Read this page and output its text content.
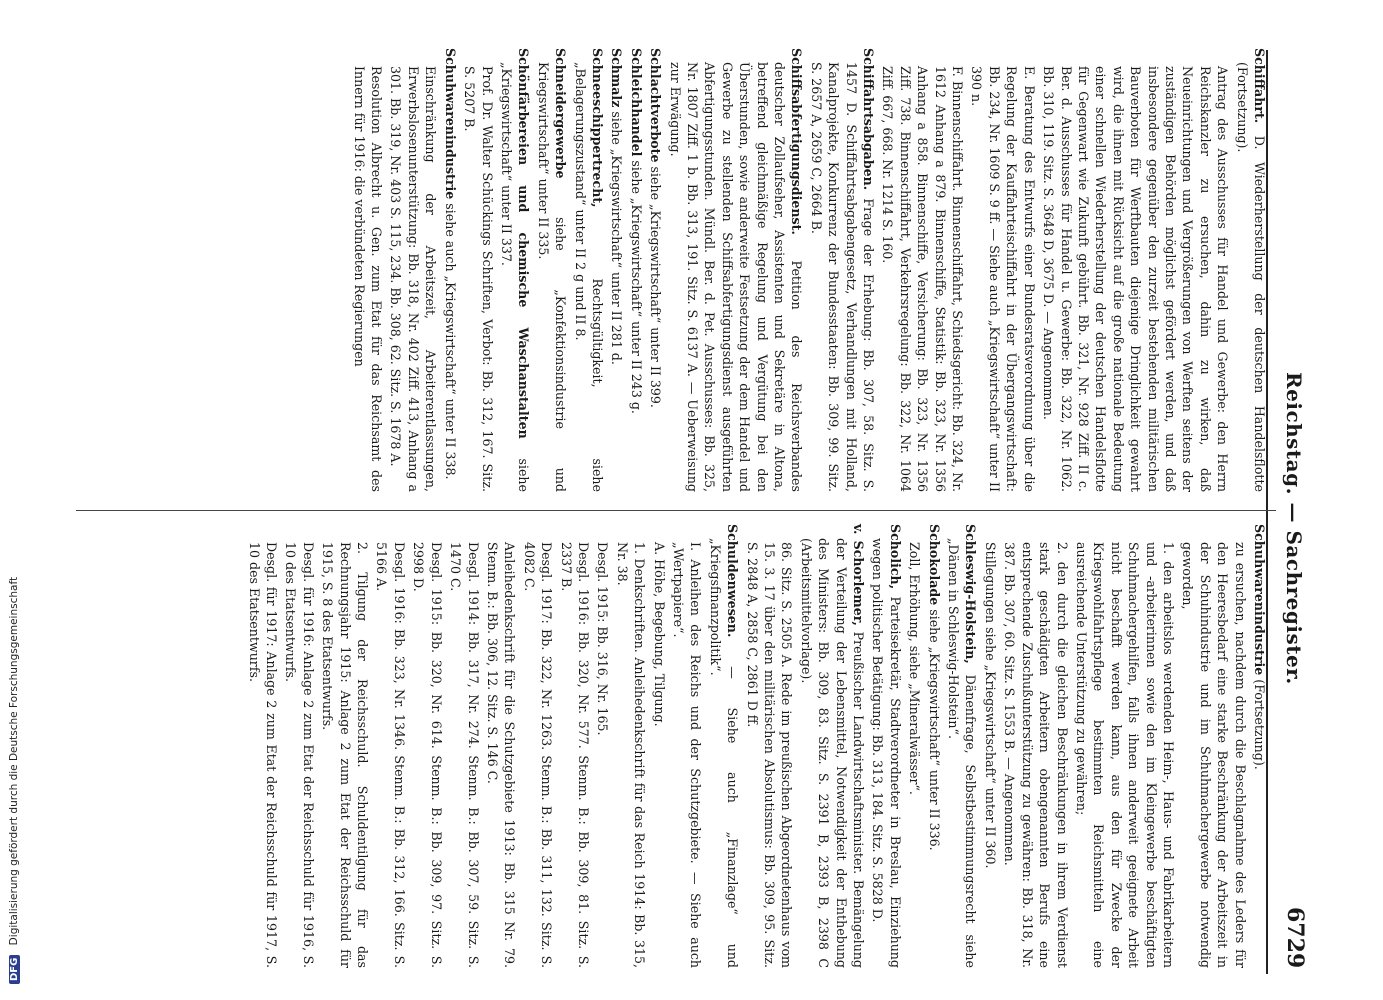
Reichstag. — Sachregister.
6729

Schiffahrt. D. Wiederherstellung der deutschen Handelsflotte (Fortsetzung).

Antrag des Ausschusses für Handel und Gewerbe: den Herrn Reichskanzler zu ersuchen, dahin zu wirken, daß Neueinrichtungen und Vergrößerungen von Werften seitens der zuständigen Behörden möglichst gefördert werden, und daß insbesondere gegenüber den zurzeit bestehenden militärischen Bauverboten für Werftbauten diejenige Dringlichkeit gewahrt wird, die ihnen mit Rücksicht auf die große nationale Bedeutung einer schnellen Wiederherstellung der deutschen Handelsflotte für Gegenwart wie Zukunft gebührt. Bb. 321, Nr. 928 Ziff. II c. Ber. d. Ausschusses für Handel u. Gewerbe: Bb. 322, Nr. 1062. Bb. 310, 119. Sitz. S. 3648 D, 3675 D. — Angenommen.

E. Beratung des Entwurfs einer Bundesratsverordnung über die Regelung der Kauffahrteischiffahrt in der Übergangswirtschaft: Bb. 234, Nr. 1609 S. 9 ff. — Siehe auch „Kriegswirtschaft“ unter II 390 n.

F. Binnenschiffahrt. Binnenschiffahrt, Schiedsgericht: Bb. 324, Nr. 1612 Anhang a 879. Binnenschiffe, Statistik: Bb. 323, Nr. 1356 Anhang a 858. Binnenschiffe, Versicherung: Bb. 323, Nr. 1356 Ziff. 738. Binnenschiffahrt, Verkehrsregelung: Bb. 322, Nr. 1064 Ziff. 667, 668. Nr. 1214 S. 160.

Schiffahrtsabgaben. Frage der Erhebung: Bb. 307, 58. Sitz. S. 1457 D. Schiffahrtsabgabengesetz, Verhandlungen mit Holland, Kanalprojekte, Konkurrenz der Bundesstaaten: Bb. 309, 99. Sitz. S. 2657 A, 2659 C, 2664 B.

Schiffsabfertigungsdienst. Petition des Reichsverbandes deutscher Zollaufseher, Assistenten und Sekretäre in Altona, betreffend gleichmäßige Regelung und Vergütung bei den Überstunden, sowie anderweite Festsetzung der dem Handel und Gewerbe zu stellenden Schiffsabfertigungsdienst ausgeführten Abfertigungsstunden. Mündl. Ber. d. Pet. Ausschusses: Bb. 325, Nr. 1807 Ziff. 1 b. Bb. 313, 191. Sitz. S. 6137 A. — Ueberweisung zur Erwägung.

Schlachtverbote siehe „Kriegswirtschaft“ unter II 399.

Schleichhandel siehe „Kriegswirtschaft“ unter II 243 g.

Schmalz siehe „Kriegswirtschaft“ unter II 281 d.

Schneeschippertrecht, Rechtsgültigkeit, siehe „Belagerungszustand“ unter II 2 g und II 8.

Schneidergewerbe siehe „Konfektionsindustrie und Kriegswirtschaft“ unter II 335.

Schönfärbereien und chemische Waschanstalten siehe „Kriegswirtschaft“ unter II 337.

Prof. Dr. Walter Schückings Schriften, Verbot: Bb. 312, 167. Sitz. S. 5207 B.

Schuhwarenindustrie siehe auch „Kriegswirtschaft“ unter II 338.

Einschränkung der Arbeitszeit, Arbeiterentlassungen, Erwerbslosenunterstützung: Bb. 318, Nr. 402 Ziff. 413, Anhang a 301. Bb. 319, Nr. 403 S. 115, 234. Bb. 308, 62. Sitz. S. 1678 A.

Resolution Albrecht u. Gen. zum Etat für das Reichsamt des Innern für 1916: die verbündeten Regierungen

Schuhwarenindustrie (Fortsetzung).

zu ersuchen, nachdem durch die Beschlagnahme des Leders für den Heeresbedarf eine starke Beschränkung der Arbeitszeit in der Schuhindustrie und im Schuhmachergewerbe notwendig geworden,

1. den arbeitslos werdenden Heim-, Haus- und Fabrikarbeitern und -arbeiterinnen sowie den im Kleingewerbe beschäftigten Schuhmachergehilfen, falls ihnen anderweit geeignete Arbeit nicht beschafft werden kann, aus den für Zwecke der Kriegswohlfahrtspflege bestimmten Reichsmitteln eine ausreichende Unterstützung zu gewähren;

2. den durch die gleichen Beschränkungen in ihrem Verdienst stark geschädigten Arbeitern obengenannten Berufs eine entsprechende Zuschußunterstützung zu gewähren: Bb. 318, Nr. 387. Bb. 307, 60. Sitz. S. 1553 B. — Angenommen.

Stillegungen siehe „Kriegswirtschaft“ unter II 360.

Schleswig-Holstein, Dänenfrage, Selbstbestimmungsrecht siehe „Dänen in Schleswig-Holstein“.

Schokolade siehe „Kriegswirtschaft“ unter II 336.

Zoll, Erhöhung, siehe „Mineralwässer“.

Scholich, Parteisekretär, Stadtverordneter in Breslau, Einziehung wegen politischer Betätigung: Bb. 313, 184. Sitz. S. 5828 D.

v. Schorlemer, Preußischer Landwirtschaftsminister. Bemängelung der Verteilung der Lebensmittel, Notwendigkeit der Enthebung des Ministers: Bb. 309, 83. Sitz. S. 2391 B, 2393 B, 2398 C (Arbeitsmittelvorlage).

86. Sitz. S. 2505 A. Rede im preußischen Abgeordnetenhaus vom 15. 3. 17 über den militärischen Absolutismus: Bb. 309, 95. Sitz. S. 2848 A, 2858 C, 2861 D ff.

Schuldenwesen. — Siehe auch „Finanzlage“ und „Kriegsfinanzpolitik“.

I. Anleihen des Reichs und der Schutzgebiete. — Siehe auch „Wertpapiere“.

A. Höhe, Begebung, Tilgung.

1. Denkschriften. Anleihedenkschrift für das Reich 1914: Bb. 315, Nr. 38.

Desgl. 1915: Bb. 316, Nr. 165.

Desgl. 1916: Bb. 320, Nr. 577. Stenm. B.: Bb. 309, 81. Sitz. S. 2337 B.

Desgl. 1917: Bb. 322, Nr. 1263. Stenm. B.: Bb. 311, 132. Sitz. S. 4082 C.

Anleihedenkschrift für die Schutzgebiete 1913: Bb. 315 Nr. 79. Stenm. B.: Bb. 306, 12. Sitz. S. 146 C.

Desgl. 1914: Bb. 317, Nr. 274. Stenm. B.: Bb. 307, 59. Sitz. S. 1470 C.

Desgl. 1915: Bb. 320, Nr. 614. Stenm. B.: Bb. 309, 97. Sitz. S. 2998 D.

Desgl. 1916: Bb. 323, Nr. 1346. Stenm. B.: Bb. 312, 166. Sitz. S. 5166 A.

2. Tilgung der Reichsschuld. Schuldentilgung für das Rechnungsjahr 1915: Anlage 2 zum Etat der Reichsschuld für 1915, S. 8 des Etatsentwurfs.

Desgl. für 1916: Anlage 2 zum Etat der Reichsschuld für 1916, S. 10 des Etatsentwurfs.

Desgl. für 1917: Anlage 2 zum Etat der Reichsschuld für 1917, S. 10 des Etatsentwurfs.

DFG Digitalisierung gefördert durch die Deutsche Forschungsgemeinschaft
